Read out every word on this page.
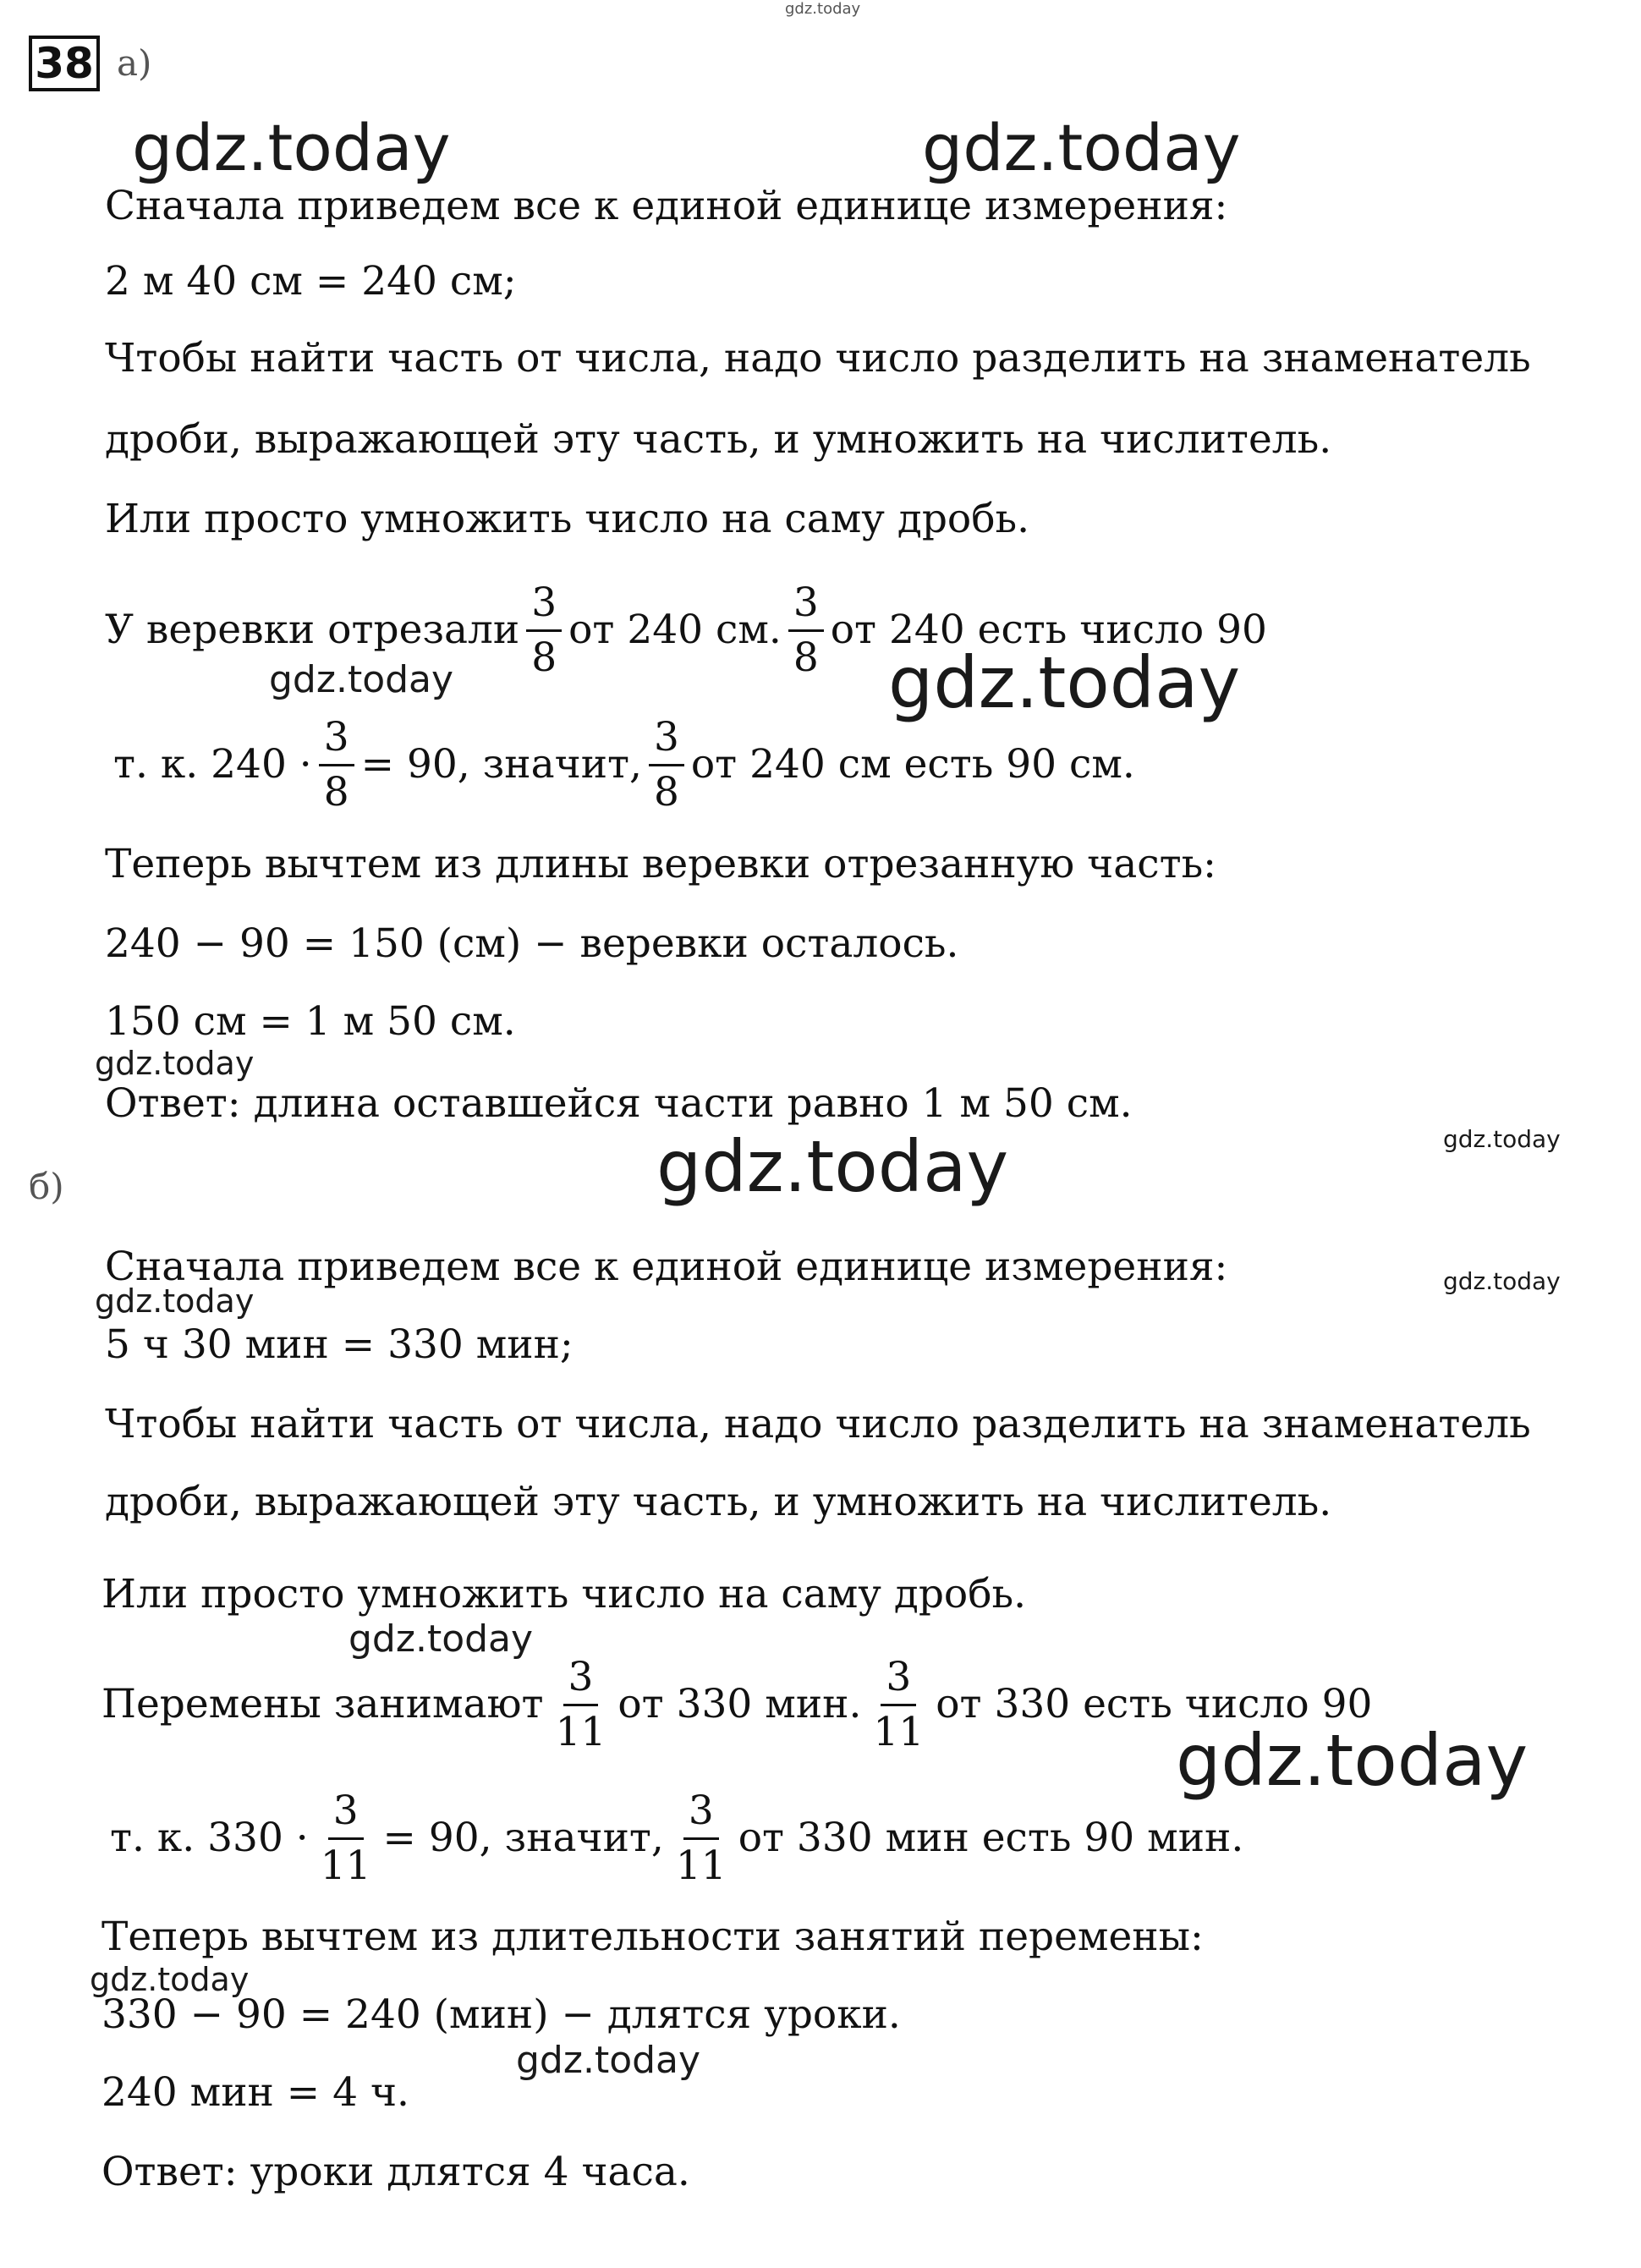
38 а)
Сначала приведем все к единой единице измерения:
2 м 40 см = 240 см;
Чтобы найти часть от числа, надо число разделить на знаменатель
дроби, выражающей эту часть, и умножить на числитель.
Или просто умножить число на саму дробь.
У веревки отрезали $\frac{3}{8}$ от 240 см. $\frac{3}{8}$ от 240 есть число 90
т. к. $240 \cdot \frac{3}{8} = 90$, значит, $\frac{3}{8}$ от 240 см есть 90 см.
Теперь вычтем из длины веревки отрезанную часть:
240 − 90 = 150 (см) − веревки осталось.
150 см = 1 м 50 см.
Ответ: длина оставшейся части равно 1 м 50 см.
б)
Сначала приведем все к единой единице измерения:
5 ч 30 мин = 330 мин;
Чтобы найти часть от числа, надо число разделить на знаменатель
дроби, выражающей эту часть, и умножить на числитель.
Или просто умножить число на саму дробь.
Перемены занимают $\frac{3}{11}$ от 330 мин. $\frac{3}{11}$ от 330 есть число 90
т. к. $330 \cdot \frac{3}{11} = 90$, значит, $\frac{3}{11}$ от 330 мин есть 90 мин.
Теперь вычтем из длительности занятий перемены:
330 − 90 = 240 (мин) − длятся уроки.
240 мин = 4 ч.
Ответ: уроки длятся 4 часа.
gdz.today
gdz.today	gdz.today
gdz.today	gdz.today
gdz.today
gdz.today
gdz.today
gdz.today
gdz.today
gdz.today
gdz.today
gdz.today
gdz.today
